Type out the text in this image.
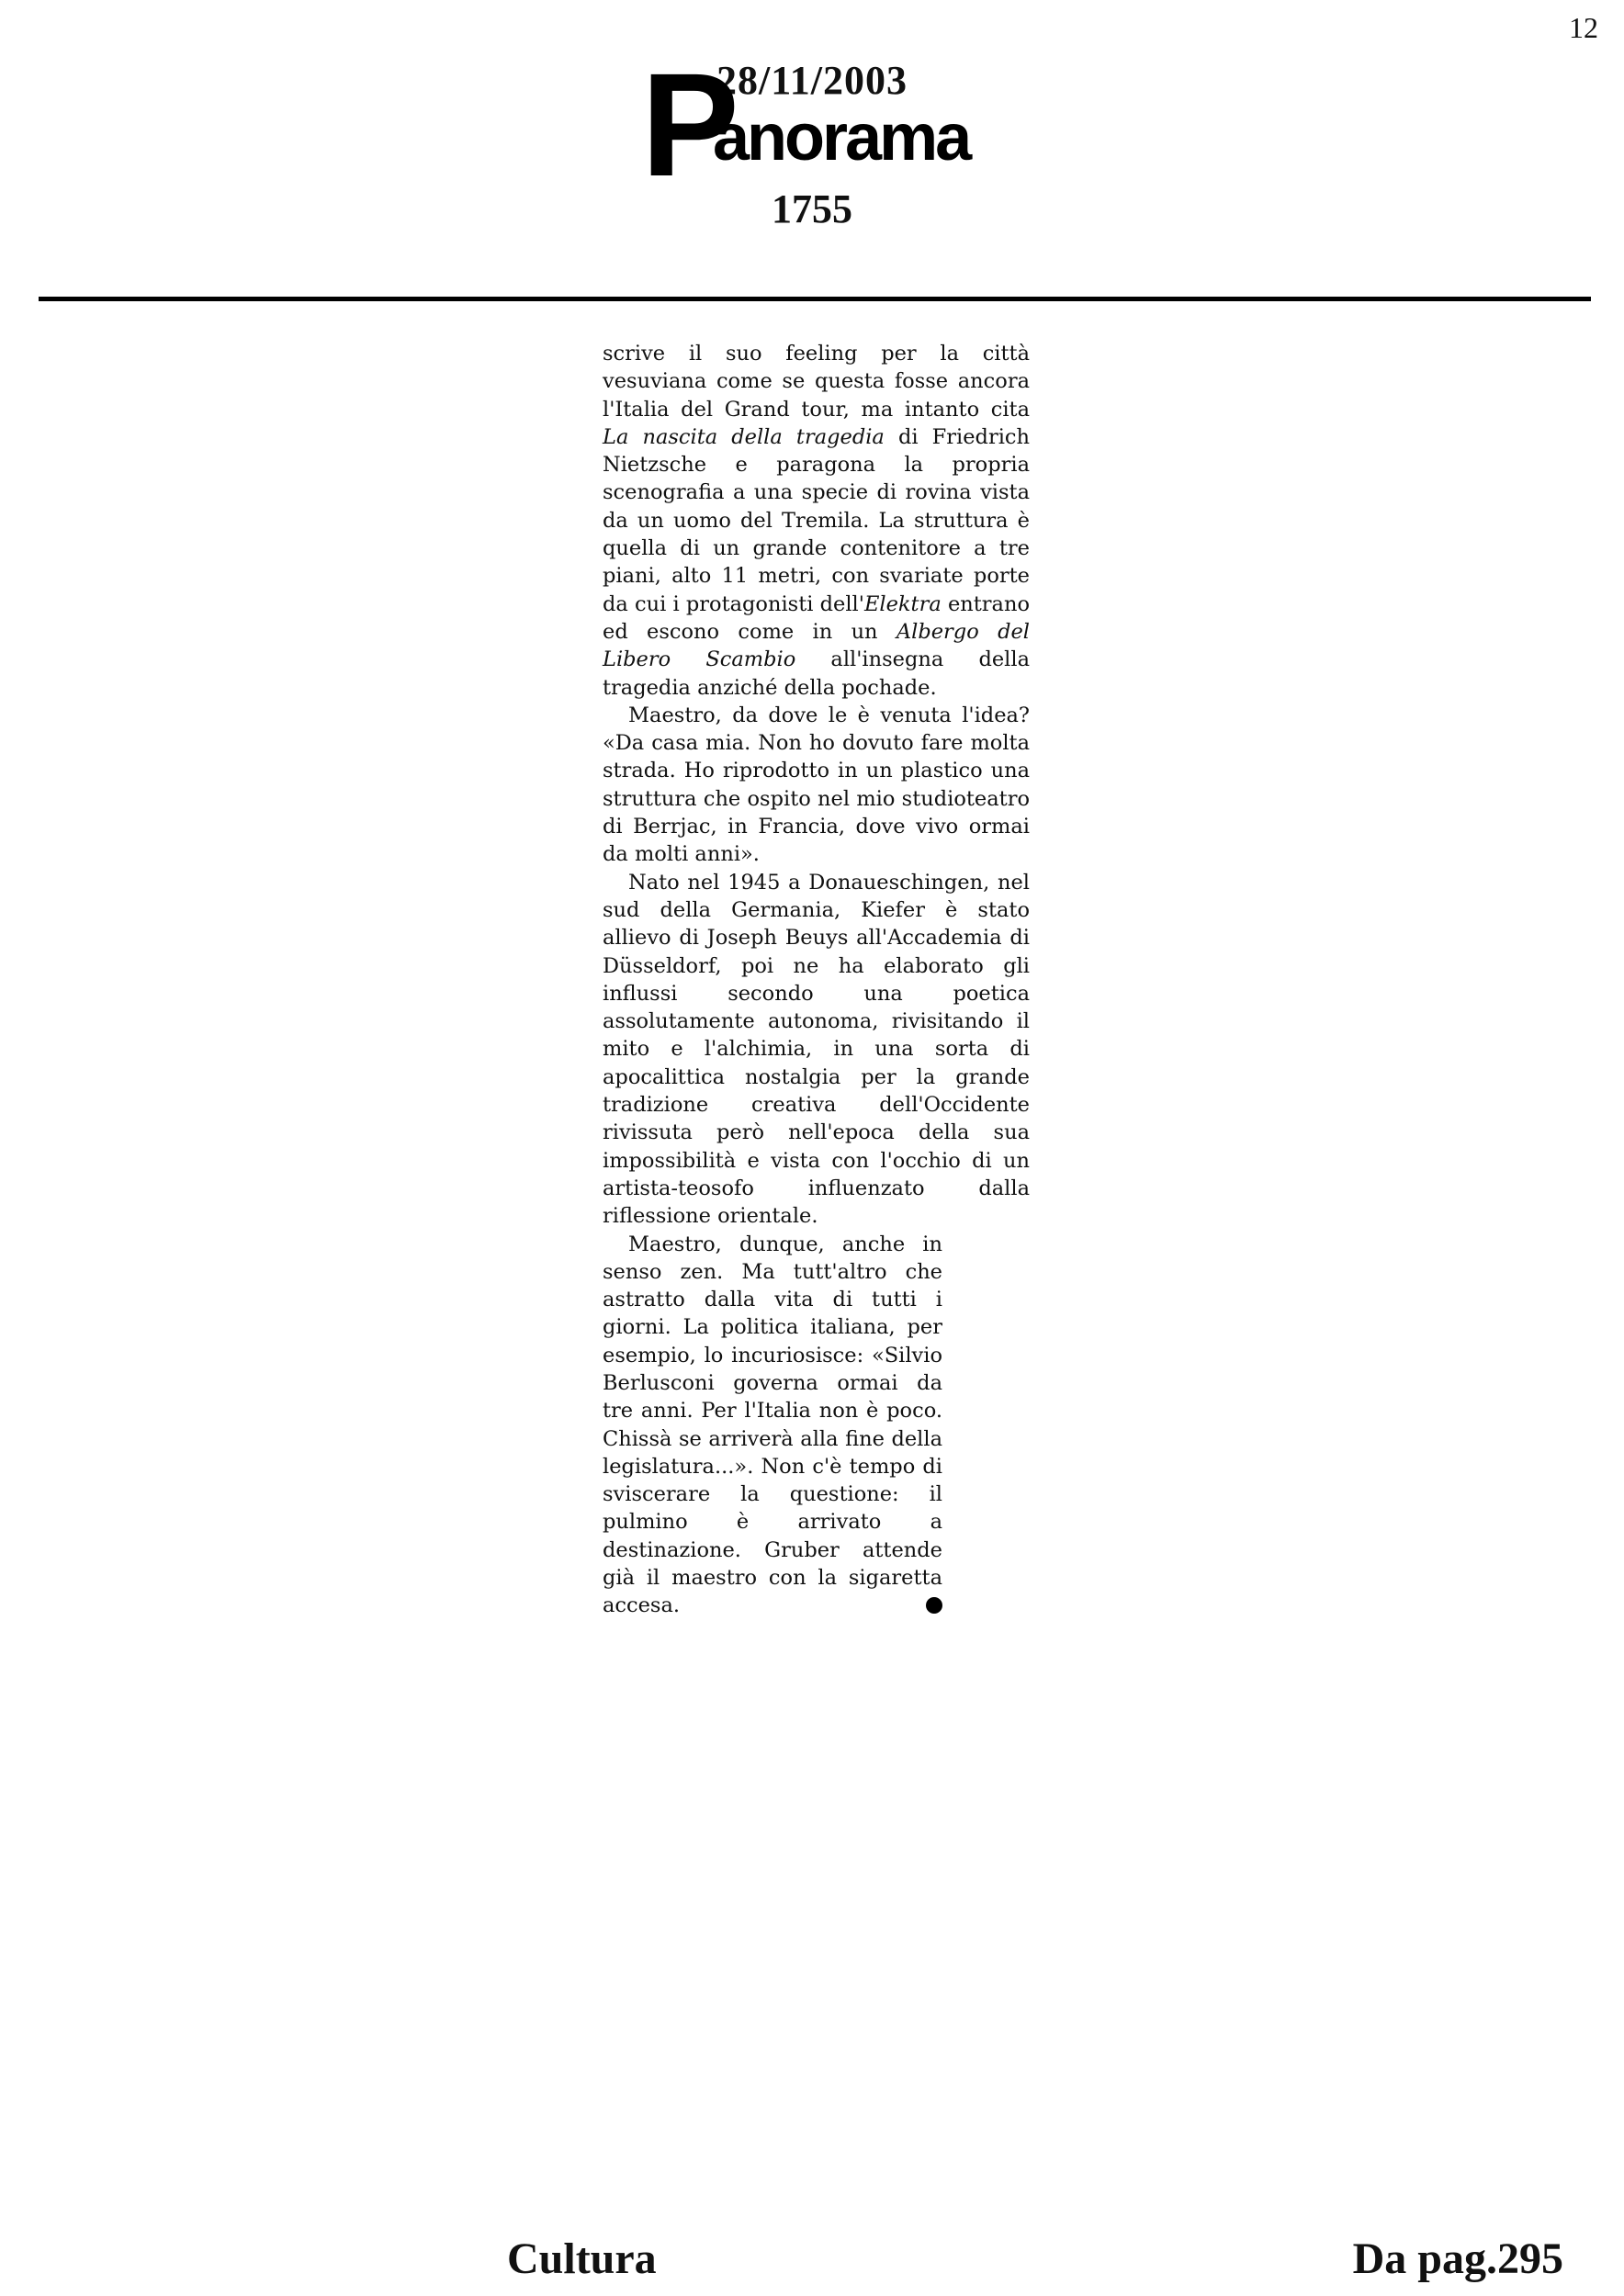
12
28/11/2003
P
anorama
1755

scrive il suo feeling per la città vesuviana come se questa fosse ancora l'Italia del Grand tour, ma intanto cita La nascita della tragedia di Friedrich Nietzsche e paragona la propria scenografia a una specie di rovina vista da un uomo del Tremila. La struttura è quella di un grande contenitore a tre piani, alto 11 metri, con svariate porte da cui i protagonisti dell'Elektra entrano ed escono come in un Albergo del Libero Scambio all'insegna della tragedia anziché della pochade.

Maestro, da dove le è venuta l'idea? «Da casa mia. Non ho dovuto fare molta strada. Ho riprodotto in un plastico una struttura che ospito nel mio studioteatro di Berrjac, in Francia, dove vivo ormai da molti anni».

Nato nel 1945 a Donaueschingen, nel sud della Germania, Kiefer è stato allievo di Joseph Beuys all'Accademia di Düsseldorf, poi ne ha elaborato gli influssi secondo una poetica assolutamente autonoma, rivisitando il mito e l'alchimia, in una sorta di apocalittica nostalgia per la grande tradizione creativa dell'Occidente rivissuta però nell'epoca della sua impossibilità e vista con l'occhio di un artista-teosofo influenzato dalla riflessione orientale.

Maestro, dunque, anche in senso zen. Ma tutt'altro che astratto dalla vita di tutti i giorni. La politica italiana, per esempio, lo incuriosisce: «Silvio Berlusconi governa ormai da tre anni. Per l'Italia non è poco. Chissà se arriverà alla fine della legislatura...». Non c'è tempo di sviscerare la questione: il pulmino è arrivato a destinazione. Gruber attende già il maestro con la sigaretta accesa.

Cultura	Da pag.295
